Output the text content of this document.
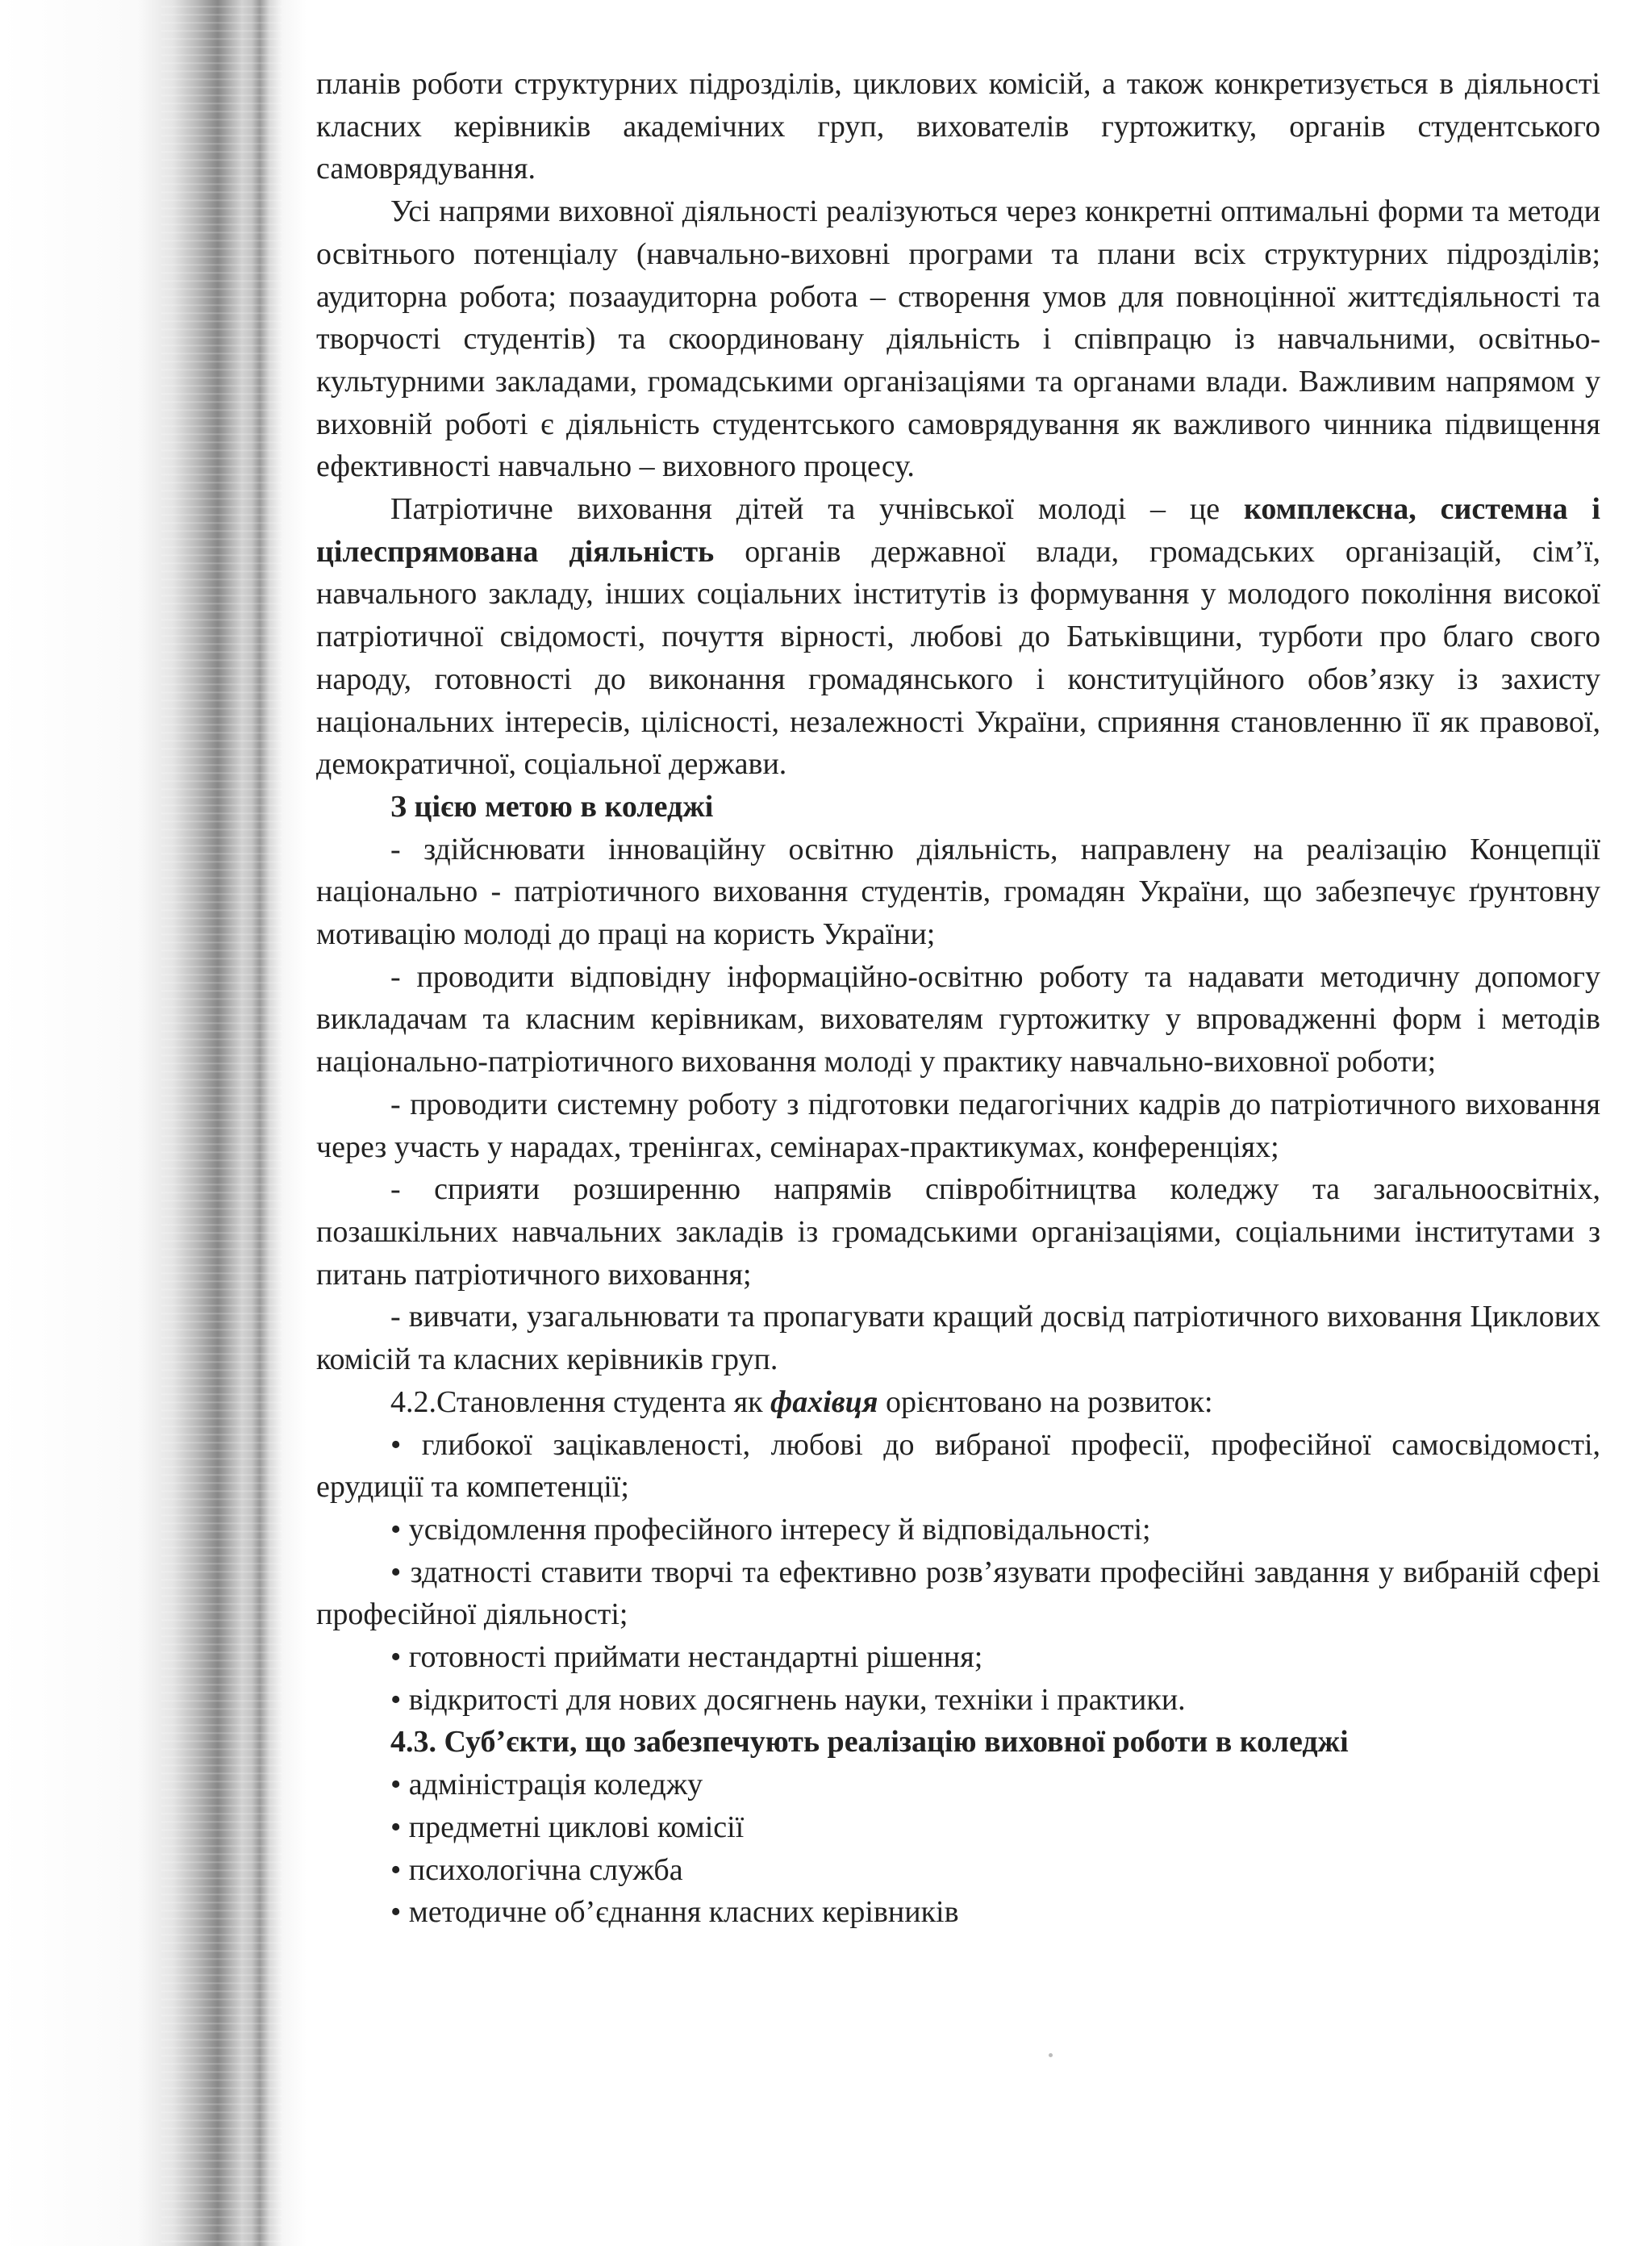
планів роботи структурних підрозділів, циклових комісій, а також конкретизується в діяльності класних керівників академічних груп, вихователів гуртожитку, органів студентського самоврядування.

Усі напрями виховної діяльності реалізуються через конкретні оптимальні форми та методи освітнього потенціалу (навчально-виховні програми та плани всіх структурних підрозділів; аудиторна робота; позааудиторна робота – створення умов для повноцінної життєдіяльності та творчості студентів) та скоординовану діяльність і співпрацю із навчальними, освітньо-культурними закладами, громадськими організаціями та органами влади. Важливим напрямом у виховній роботі є діяльність студентського самоврядування як важливого чинника підвищення ефективності навчально – виховного процесу.

Патріотичне виховання дітей та учнівської молоді – це комплексна, системна і цілеспрямована діяльність органів державної влади, громадських організацій, сім’ї, навчального закладу, інших соціальних інститутів із формування у молодого покоління високої патріотичної свідомості, почуття вірності, любові до Батьківщини, турботи про благо свого народу, готовності до виконання громадянського і конституційного обов’язку із захисту національних інтересів, цілісності, незалежності України, сприяння становленню її як правової, демократичної, соціальної держави.

З цією метою в коледжі

- здійснювати інноваційну освітню діяльність, направлену на реалізацію Концепції національно - патріотичного виховання студентів, громадян України, що забезпечує ґрунтовну мотивацію молоді до праці на користь України;

- проводити відповідну інформаційно-освітню роботу та надавати методичну допомогу викладачам та класним керівникам, вихователям гуртожитку у впровадженні форм і методів національно-патріотичного виховання молоді у практику навчально-виховної роботи;

- проводити системну роботу з підготовки педагогічних кадрів до патріотичного виховання через участь у нарадах, тренінгах, семінарах-практикумах, конференціях;

- сприяти розширенню напрямів співробітництва коледжу та загальноосвітніх, позашкільних навчальних закладів із громадськими організаціями, соціальними інститутами з питань патріотичного виховання;

- вивчати, узагальнювати та пропагувати кращий досвід патріотичного виховання Циклових комісій та класних керівників груп.

4.2.Становлення студента як фахівця орієнтовано на розвиток:

• глибокої зацікавленості, любові до вибраної професії, професійної самосвідомості, ерудиції та компетенції;

• усвідомлення професійного інтересу й відповідальності;

• здатності ставити творчі та ефективно розв’язувати професійні завдання у вибраній сфері професійної діяльності;

• готовності приймати нестандартні рішення;

• відкритості для нових досягнень науки, техніки і практики.

4.3. Суб’єкти, що забезпечують реалізацію виховної роботи в коледжі

• адміністрація коледжу

• предметні циклові комісії

• психологічна служба

• методичне об’єднання класних керівників
